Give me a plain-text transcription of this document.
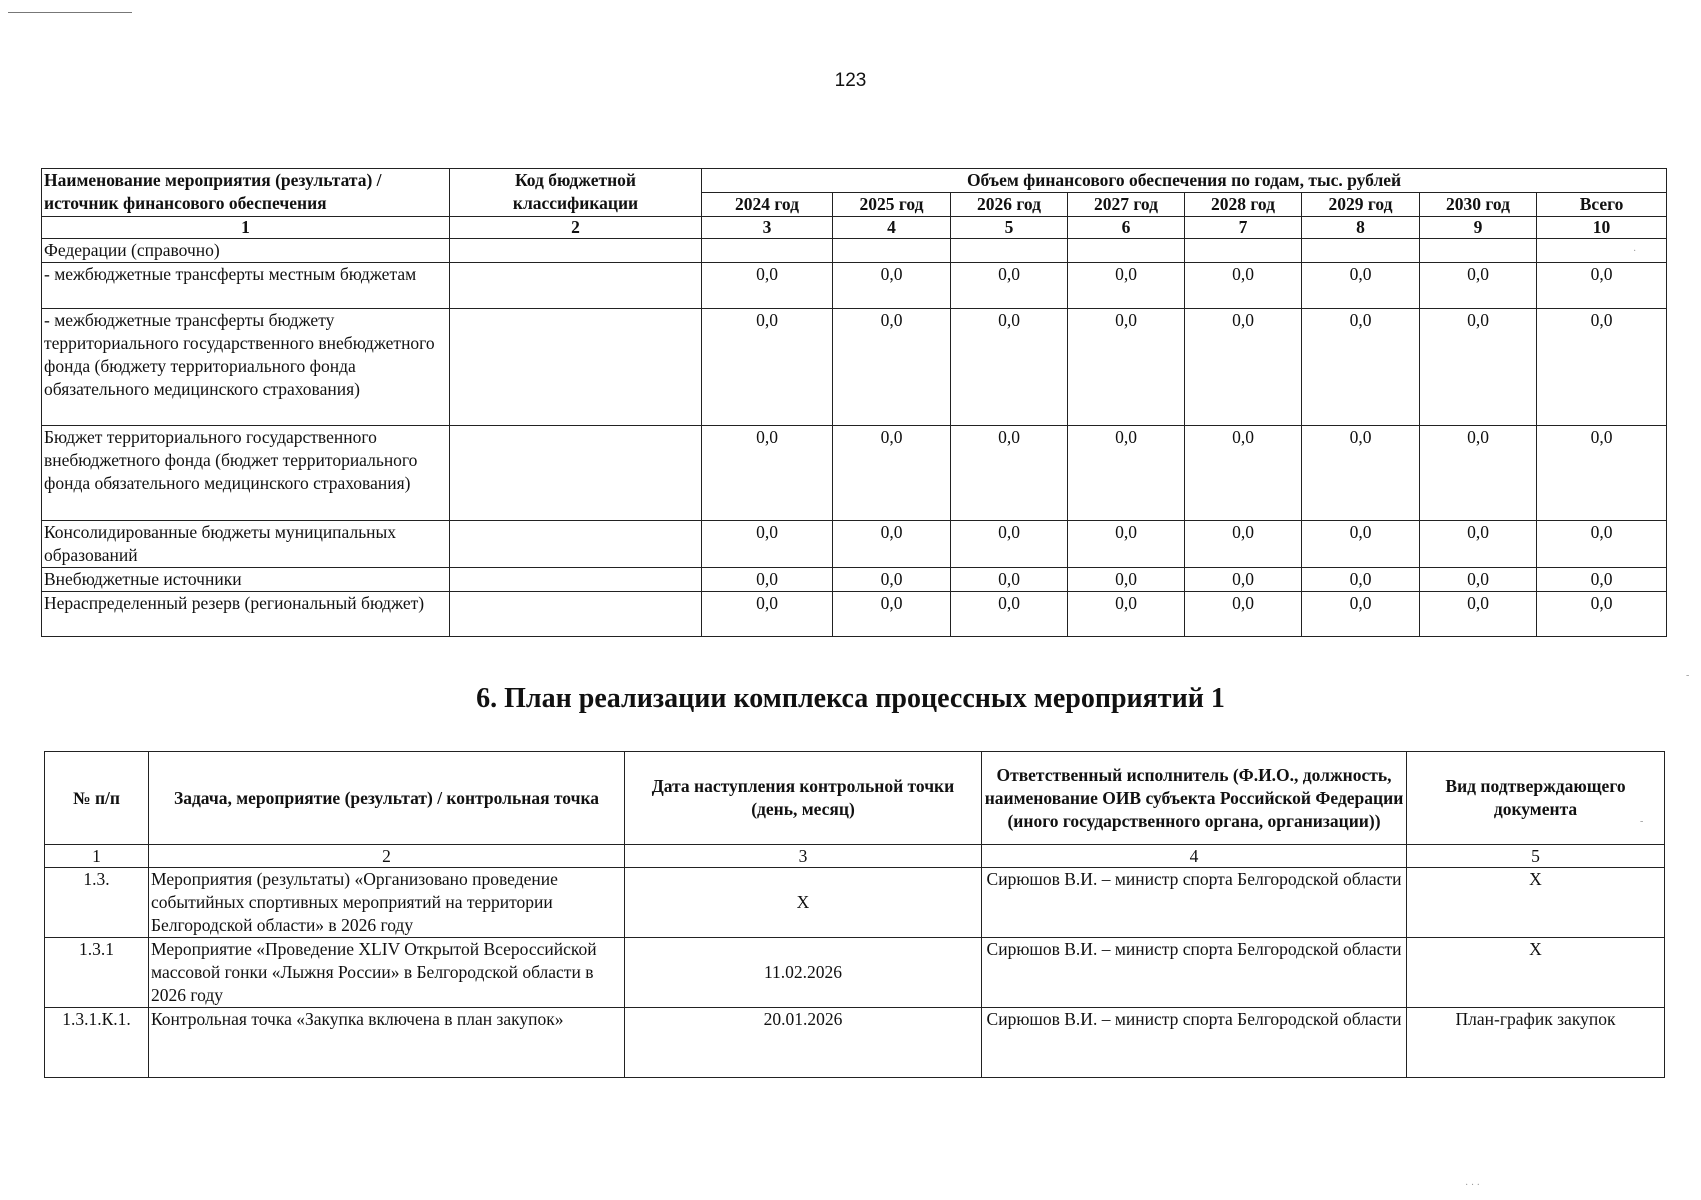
123
Наименование мероприятия (результата) /источник финансового обеспечения	Код бюджетной классификации	Объем финансового обеспечения по годам, тыс. рублей							
		2024 год	2025 год	2026 год	2027 год	2028 год	2029 год	2030 год	Всего
1	2	3	4	5	6	7	8	9	10
Федерации (справочно)									
- межбюджетные трансферты местным бюджетам		0,0	0,0	0,0	0,0	0,0	0,0	0,0	0,0
- межбюджетные трансферты бюджету территориального государственного внебюджетного фонда (бюджету территориального фонда обязательного медицинского страхования)		0,0	0,0	0,0	0,0	0,0	0,0	0,0	0,0
Бюджет территориального государственного внебюджетного фонда (бюджет территориального фонда обязательного медицинского страхования)		0,0	0,0	0,0	0,0	0,0	0,0	0,0	0,0
Консолидированные бюджеты муниципальных образований		0,0	0,0	0,0	0,0	0,0	0,0	0,0	0,0
Внебюджетные источники		0,0	0,0	0,0	0,0	0,0	0,0	0,0	0,0
Нераспределенный резерв (региональный бюджет)		0,0	0,0	0,0	0,0	0,0	0,0	0,0	0,0
6. План реализации комплекса процессных мероприятий 1
№ п/п	Задача, мероприятие (результат) / контрольная точка	Дата наступления контрольной точки (день, месяц)	Ответственный исполнитель (Ф.И.О., должность, наименование ОИВ субъекта Российской Федерации (иного государственного органа, организации))	Вид подтверждающего документа
1	2	3	4	5
1.3.	Мероприятия (результаты) «Организовано проведение событийных спортивных мероприятий на территории Белгородской области» в 2026 году	X	Сирюшов В.И. – министр спорта Белгородской области	X
1.3.1	Мероприятие «Проведение XLIV Открытой Всероссийской массовой гонки «Лыжня России» в Белгородской области в 2026 году	11.02.2026	Сирюшов В.И. – министр спорта Белгородской области	X
1.3.1.К.1.	Контрольная точка «Закупка включена в план закупок»	20.01.2026	Сирюшов В.И. – министр спорта Белгородской области	План-график закупок
·
-
-
· · ·
